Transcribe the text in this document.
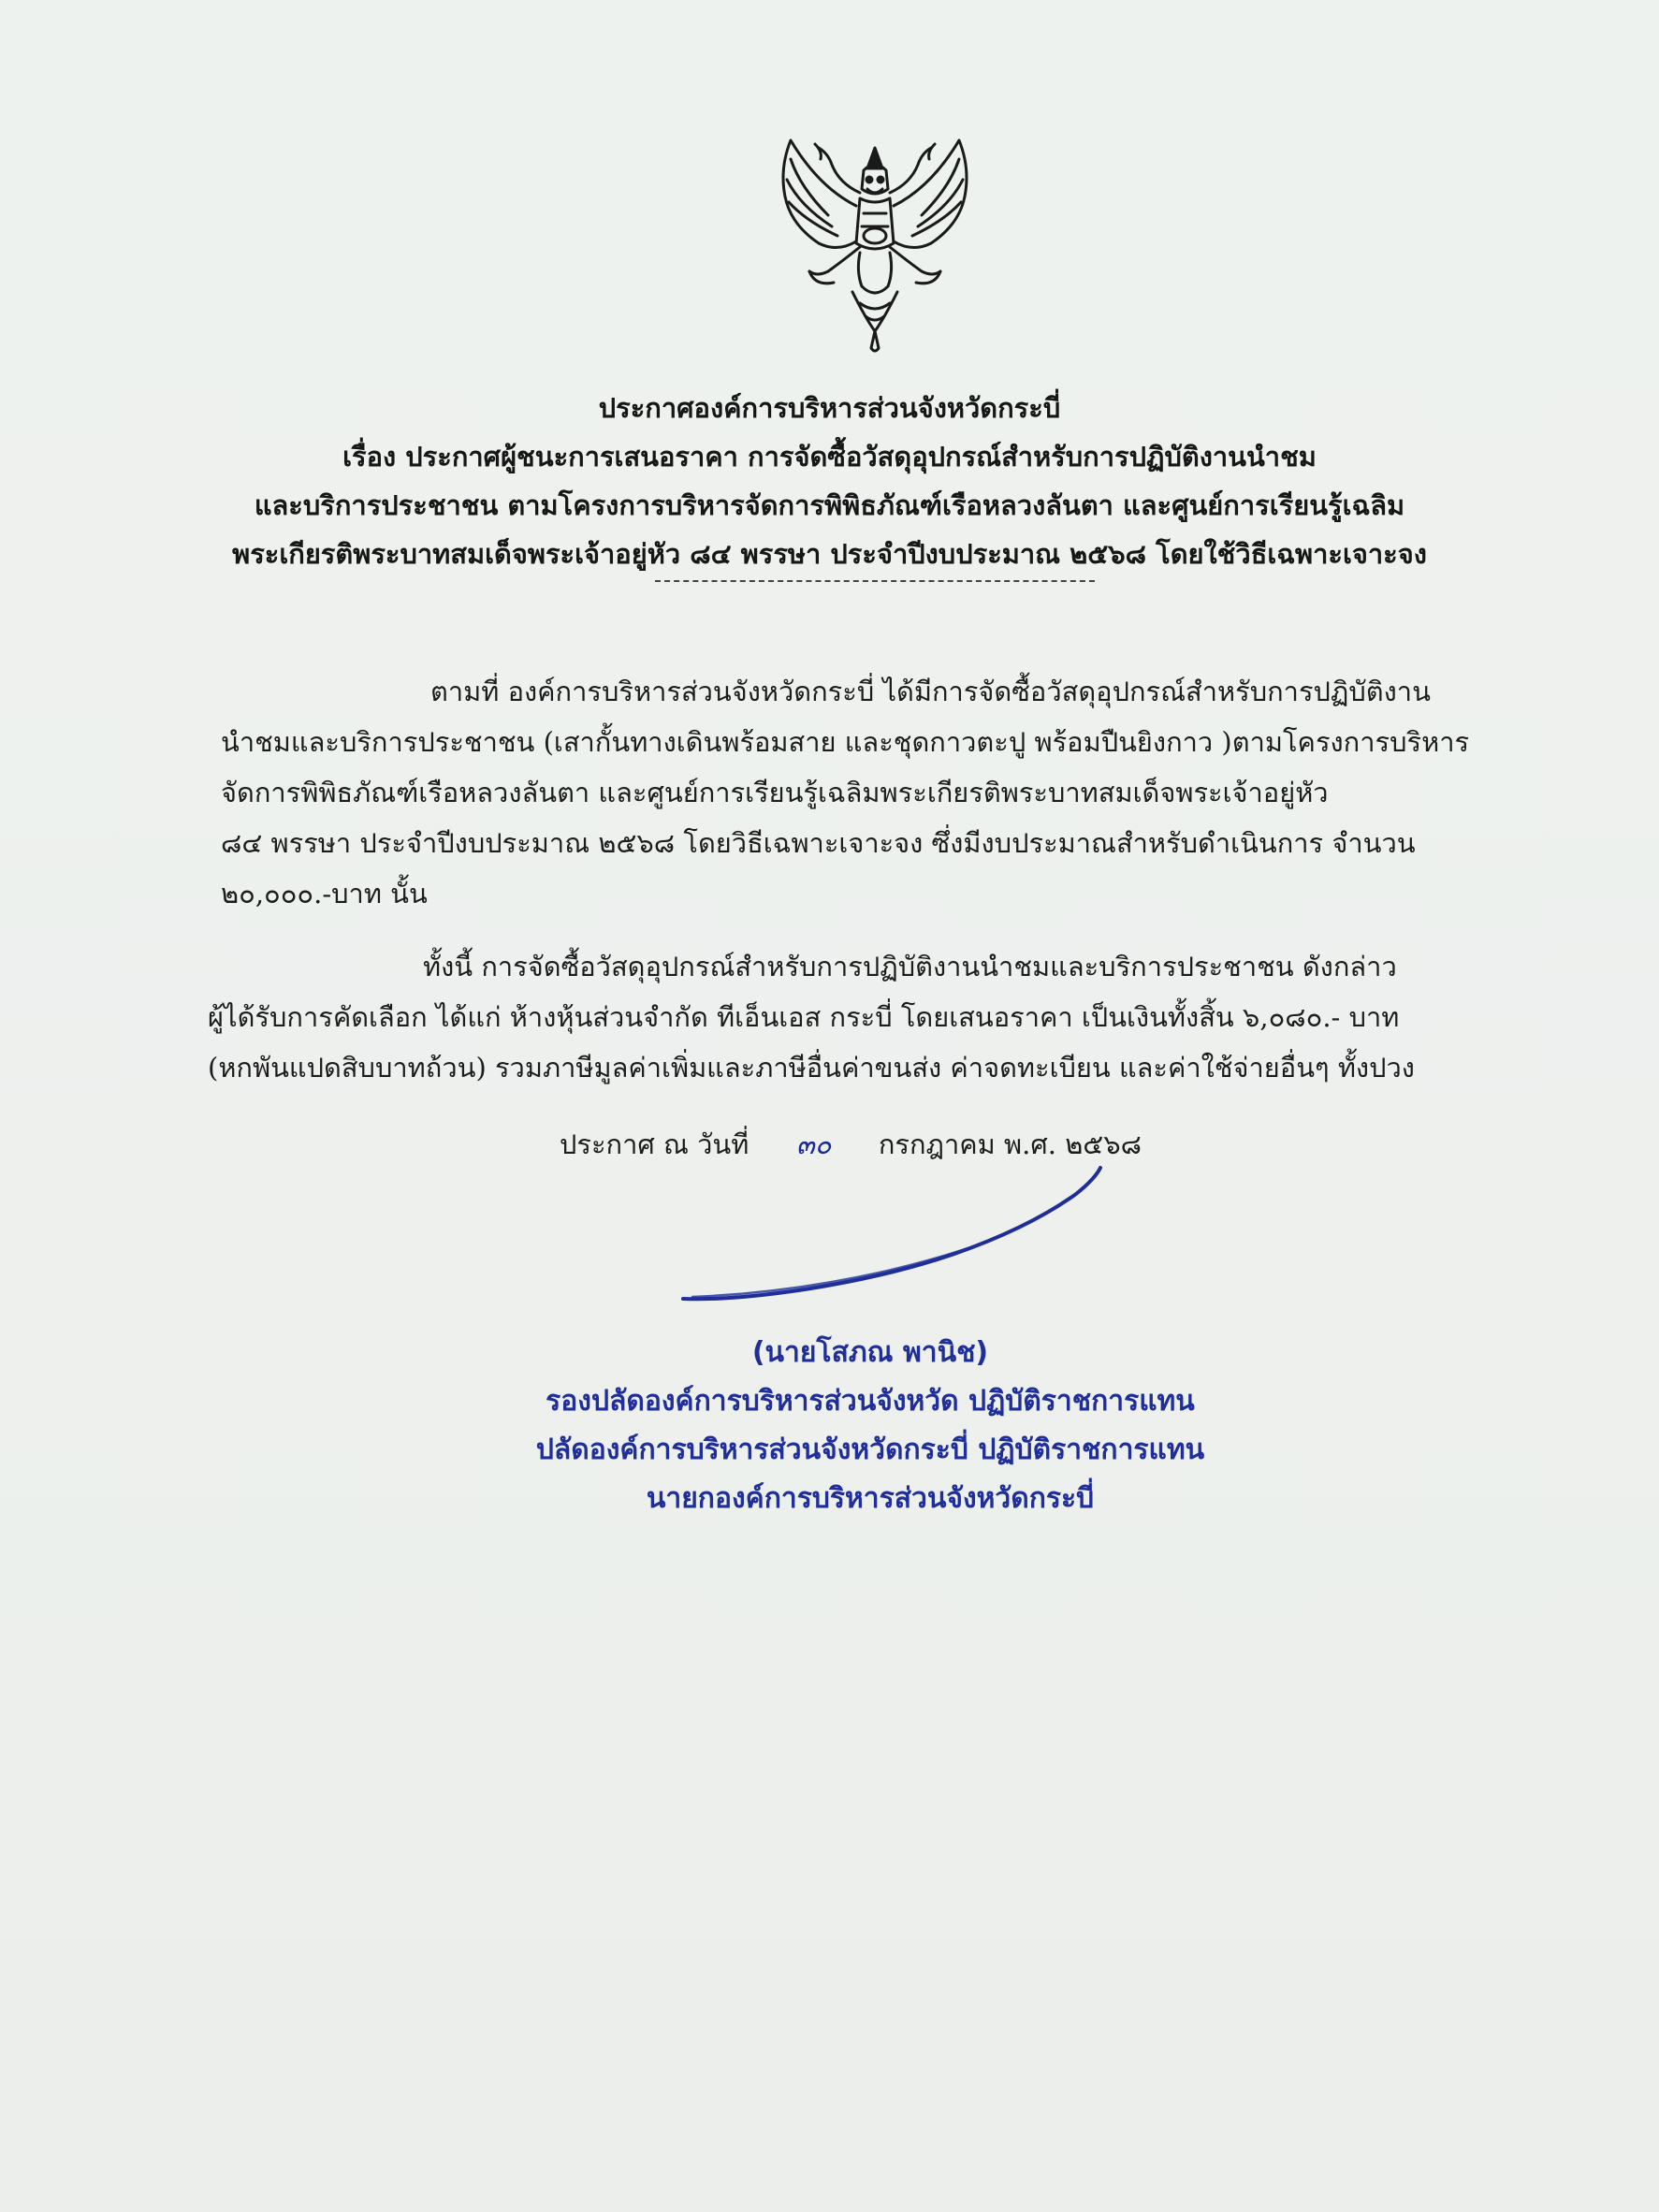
ประกาศองค์การบริหารส่วนจังหวัดกระบี่
เรื่อง ประกาศผู้ชนะการเสนอราคา การจัดซื้อวัสดุอุปกรณ์สำหรับการปฏิบัติงานนำชม
และบริการประชาชน ตามโครงการบริหารจัดการพิพิธภัณฑ์เรือหลวงลันตา และศูนย์การเรียนรู้เฉลิม
พระเกียรติพระบาทสมเด็จพระเจ้าอยู่หัว ๘๔ พรรษา ประจำปีงบประมาณ ๒๕๖๘ โดยใช้วิธีเฉพาะเจาะจง
ตามที่ องค์การบริหารส่วนจังหวัดกระบี่ ได้มีการจัดซื้อวัสดุอุปกรณ์สำหรับการปฏิบัติงาน
นำชมและบริการประชาชน (เสากั้นทางเดินพร้อมสาย และชุดกาวตะปู พร้อมปืนยิงกาว )ตามโครงการบริหาร
จัดการพิพิธภัณฑ์เรือหลวงลันตา และศูนย์การเรียนรู้เฉลิมพระเกียรติพระบาทสมเด็จพระเจ้าอยู่หัว
๘๔ พรรษา ประจำปีงบประมาณ ๒๕๖๘ โดยวิธีเฉพาะเจาะจง ซึ่งมีงบประมาณสำหรับดำเนินการ จำนวน
๒๐,๐๐๐.-บาท นั้น
ทั้งนี้ การจัดซื้อวัสดุอุปกรณ์สำหรับการปฏิบัติงานนำชมและบริการประชาชน ดังกล่าว
ผู้ได้รับการคัดเลือก ได้แก่ ห้างหุ้นส่วนจำกัด ทีเอ็นเอส กระบี่ โดยเสนอราคา เป็นเงินทั้งสิ้น ๖,๐๘๐.- บาท
(หกพันแปดสิบบาทถ้วน) รวมภาษีมูลค่าเพิ่มและภาษีอื่นค่าขนส่ง ค่าจดทะเบียน และค่าใช้จ่ายอื่นๆ ทั้งปวง
ประกาศ ณ วันที่ ๓๐ กรกฎาคม พ.ศ. ๒๕๖๘
(นายโสภณ พานิช)
รองปลัดองค์การบริหารส่วนจังหวัด ปฏิบัติราชการแทน
ปลัดองค์การบริหารส่วนจังหวัดกระบี่ ปฏิบัติราชการแทน
นายกองค์การบริหารส่วนจังหวัดกระบี่
